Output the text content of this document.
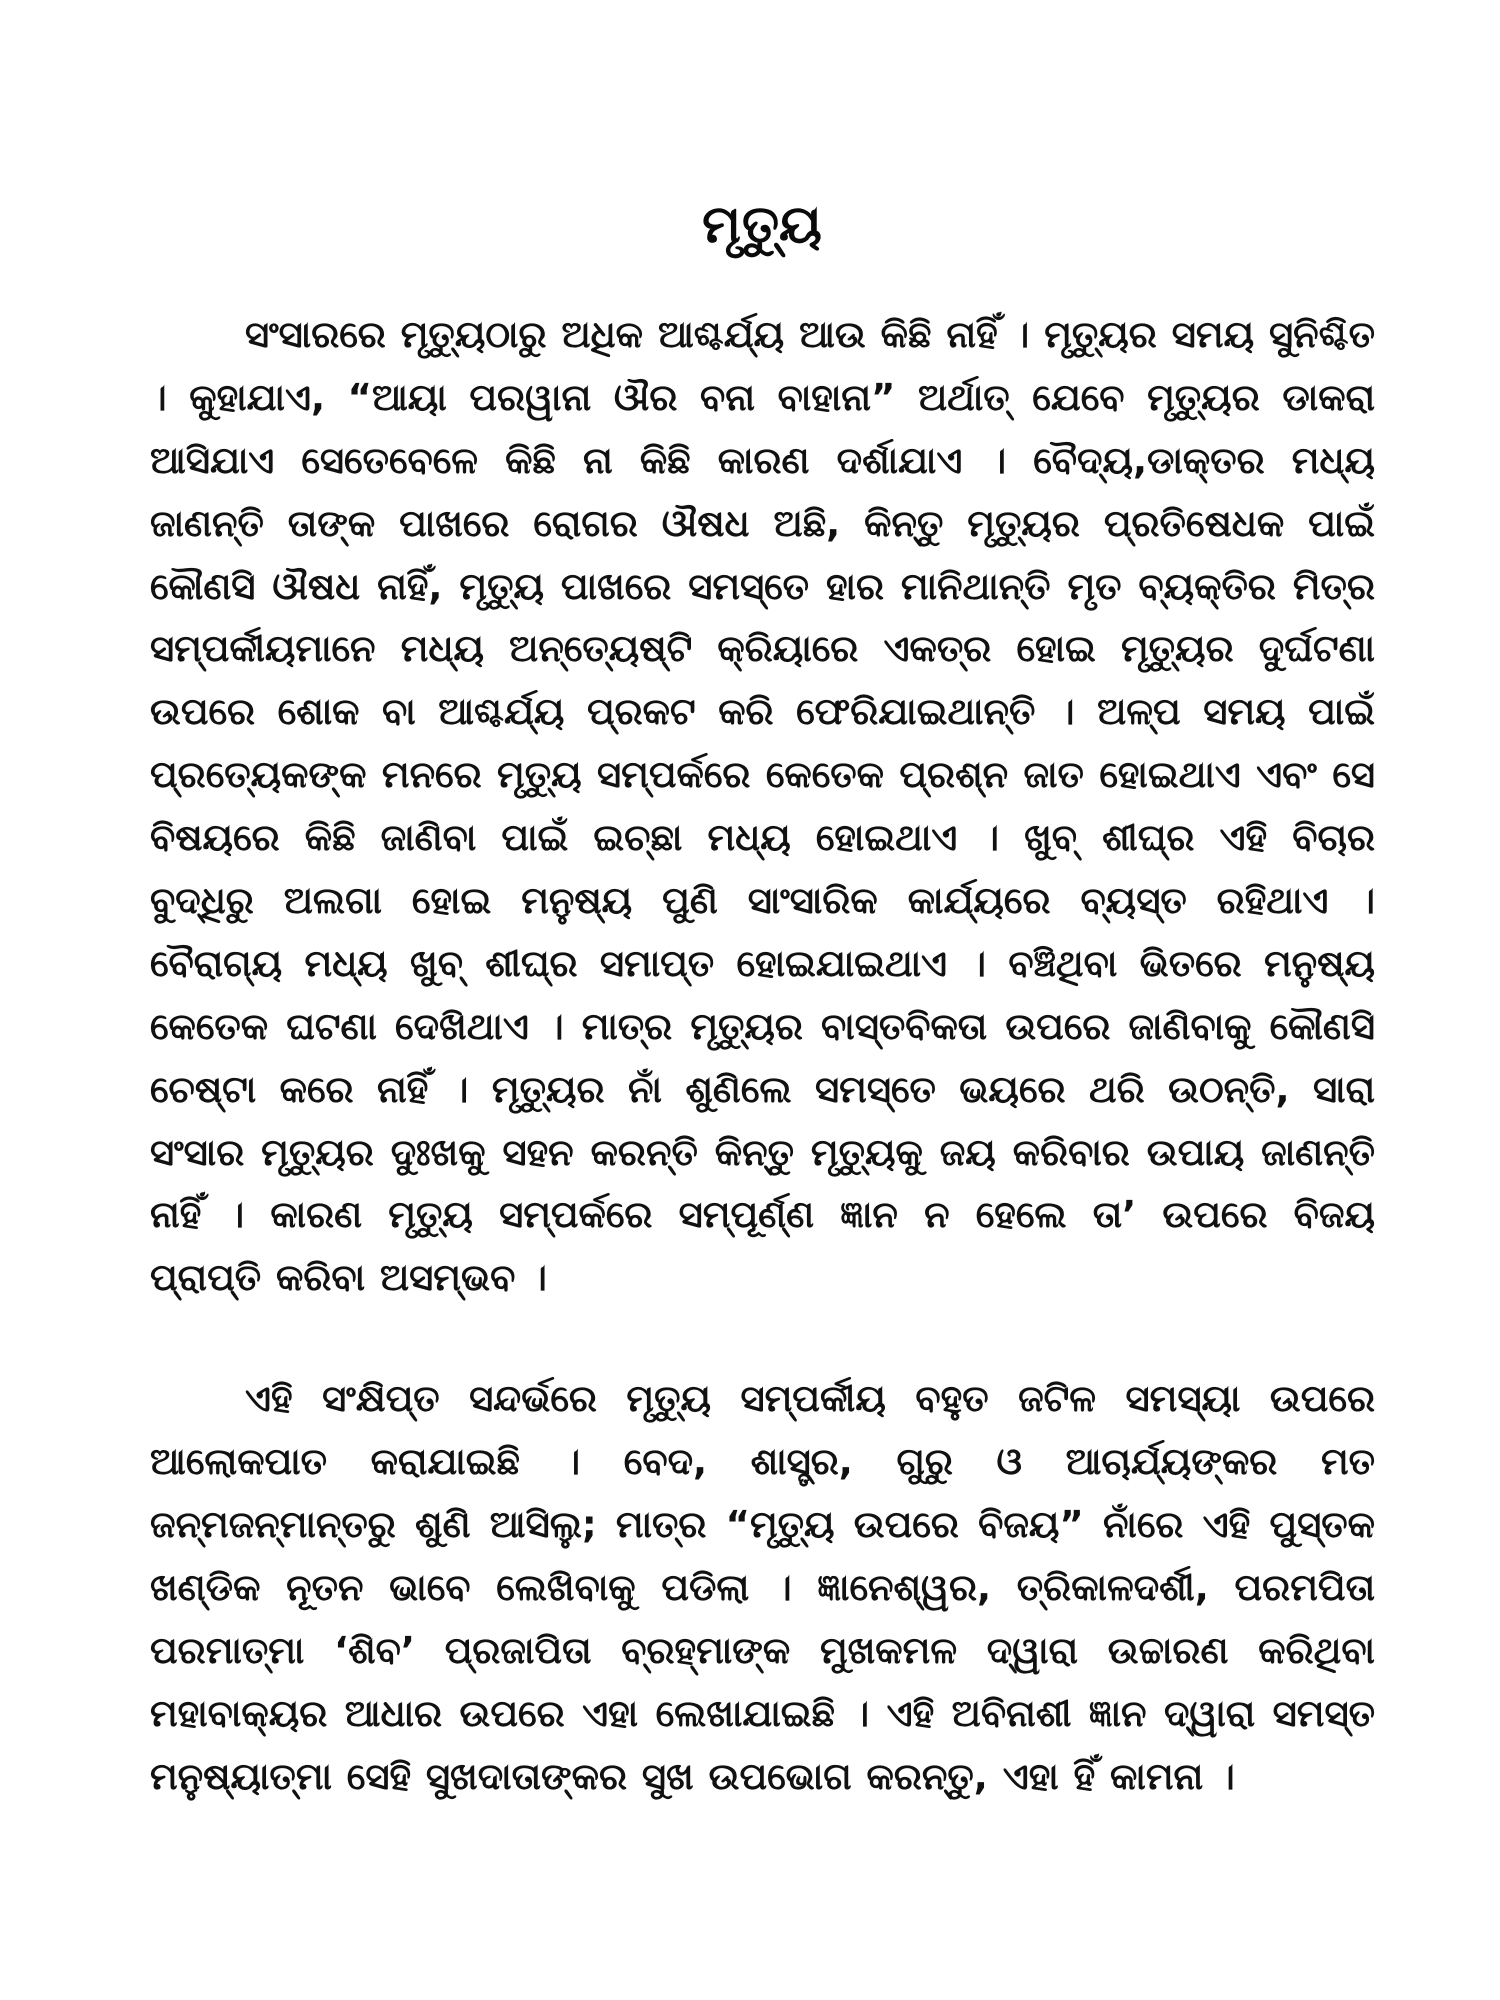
ମୃତ୍ୟୁ

ସଂସାରରେ ମୃତ୍ୟୁଠାରୁ ଅଧିକ ଆଶ୍ଚର୍ଯ୍ୟ ଆଉ କିଛି ନାହିଁ । ମୃତ୍ୟୁର ସମୟ ସୁନିଶ୍ଚିତ । କୁହାଯାଏ, “ଆୟା ପରୱାନା ଔର ବନା ବାହାନା” ଅର୍ଥାତ୍ ଯେବେ ମୃତ୍ୟୁର ଡାକରା ଆସିଯାଏ ସେତେବେଳେ କିଛି ନା କିଛି କାରଣ ଦର୍ଶାଯାଏ । ବୈଦ୍ୟ,ଡାକ୍ତର ମଧ୍ୟ ଜାଣନ୍ତି ତାଙ୍କ ପାଖରେ ରୋଗର ଔଷଧ ଅଛି, କିନ୍ତୁ ମୃତ୍ୟୁର ପ୍ରତିଷେଧକ ପାଇଁ କୌଣସି ଔଷଧ ନାହିଁ, ମୃତ୍ୟୁ ପାଖରେ ସମସ୍ତେ ହାର ମାନିଥାନ୍ତି ମୃତ ବ୍ୟକ୍ତିର ମିତ୍ର ସମ୍ପର୍କୀୟମାନେ ମଧ୍ୟ ଅନ୍ତ୍ୟେଷ୍ଟି କ୍ରିୟାରେ ଏକତ୍ର ହୋଇ ମୃତ୍ୟୁର ଦୁର୍ଘଟଣା ଉପରେ ଶୋକ ବା ଆଶ୍ଚର୍ଯ୍ୟ ପ୍ରକଟ କରି ଫେରିଯାଇଥାନ୍ତି । ଅଳ୍ପ ସମୟ ପାଇଁ ପ୍ରତ୍ୟେକଙ୍କ ମନରେ ମୃତ୍ୟୁ ସମ୍ପର୍କରେ କେତେକ ପ୍ରଶ୍ନ ଜାତ ହୋଇଥାଏ ଏବଂ ସେ ବିଷୟରେ କିଛି ଜାଣିବା ପାଇଁ ଇଚ୍ଛା ମଧ୍ୟ ହୋଇଥାଏ । ଖୁବ୍ ଶୀଘ୍ର ଏହି ବିଚାର ବୁଦ୍ଧିରୁ ଅଲଗା ହୋଇ ମନୁଷ୍ୟ ପୁଣି ସାଂସାରିକ କାର୍ଯ୍ୟରେ ବ୍ୟସ୍ତ ରହିଥାଏ । ବୈରାଗ୍ୟ ମଧ୍ୟ ଖୁବ୍ ଶୀଘ୍ର ସମାପ୍ତ ହୋଇଯାଇଥାଏ । ବଞ୍ଚିଥିବା ଭିତରେ ମନୁଷ୍ୟ କେତେକ ଘଟଣା ଦେଖିଥାଏ । ମାତ୍ର ମୃତ୍ୟୁର ବାସ୍ତବିକତା ଉପରେ ଜାଣିବାକୁ କୌଣସି ଚେଷ୍ଟା କରେ ନାହିଁ । ମୃତ୍ୟୁର ନାଁ ଶୁଣିଲେ ସମସ୍ତେ ଭୟରେ ଥରି ଉଠନ୍ତି, ସାରା ସଂସାର ମୃତ୍ୟୁର ଦୁଃଖକୁ ସହନ କରନ୍ତି କିନ୍ତୁ ମୃତ୍ୟୁକୁ ଜୟ କରିବାର ଉପାୟ ଜାଣନ୍ତି ନାହିଁ । କାରଣ ମୃତ୍ୟୁ ସମ୍ପର୍କରେ ସମ୍ପୂର୍ଣ୍ଣ ଜ୍ଞାନ ନ ହେଲେ ତା’ ଉପରେ ବିଜୟ ପ୍ରାପ୍ତି କରିବା ଅସମ୍ଭବ ।

ଏହି ସଂକ୍ଷିପ୍ତ ସନ୍ଦର୍ଭରେ ମୃତ୍ୟୁ ସମ୍ପର୍କୀୟ ବହୁତ ଜଟିଳ ସମସ୍ୟା ଉପରେ ଆଲୋକପାତ କରାଯାଇଛି । ବେଦ, ଶାସ୍ତ୍ର, ଗୁରୁ ଓ ଆଚାର୍ଯ୍ୟଙ୍କର ମତ ଜନ୍ମଜନ୍ମାନ୍ତରୁ ଶୁଣି ଆସିଲୁ; ମାତ୍ର “ମୃତ୍ୟୁ ଉପରେ ବିଜୟ” ନାଁରେ ଏହି ପୁସ୍ତକ ଖଣ୍ଡିକ ନୂତନ ଭାବେ ଲେଖିବାକୁ ପଡିଲା । ଜ୍ଞାନେଶ୍ୱର, ତ୍ରିକାଳଦର୍ଶୀ, ପରମପିତା ପରମାତ୍ମା ‘ଶିବ’ ପ୍ରଜାପିତା ବ୍ରହ୍ମାଙ୍କ ମୁଖକମଳ ଦ୍ୱାରା ଉଚ୍ଚାରଣ କରିଥିବା ମହାବାକ୍ୟର ଆଧାର ଉପରେ ଏହା ଲେଖାଯାଇଛି । ଏହି ଅବିନାଶୀ ଜ୍ଞାନ ଦ୍ୱାରା ସମସ୍ତ ମନୁଷ୍ୟାତ୍ମା ସେହି ସୁଖଦାତାଙ୍କର ସୁଖ ଉପଭୋଗ କରନ୍ତୁ, ଏହା ହିଁ କାମନା ।
